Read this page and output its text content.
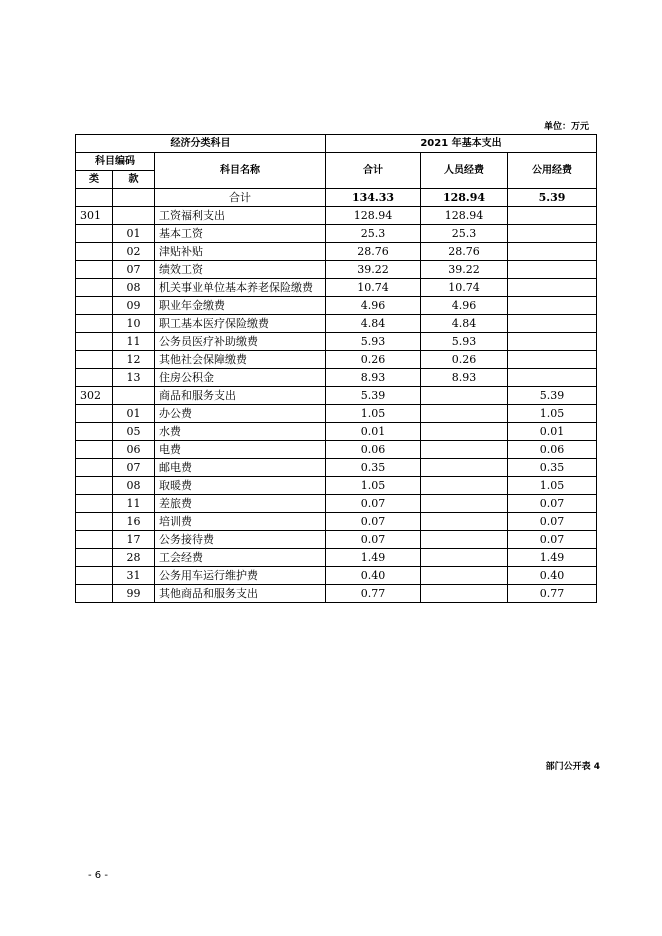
单位：万元
经济分类科目			2021 年基本支出		
科目编码		科目名称	合计	人员经费	公用经费
类	款				
		合计	134.33	128.94	5.39
301		工资福利支出	128.94	128.94	
	01	基本工资	25.3	25.3	
	02	津贴补贴	28.76	28.76	
	07	绩效工资	39.22	39.22	
	08	机关事业单位基本养老保险缴费	10.74	10.74	
	09	职业年金缴费	4.96	4.96	
	10	职工基本医疗保险缴费	4.84	4.84	
	11	公务员医疗补助缴费	5.93	5.93	
	12	其他社会保障缴费	0.26	0.26	
	13	住房公积金	8.93	8.93	
302		商品和服务支出	5.39		5.39
	01	办公费	1.05		1.05
	05	水费	0.01		0.01
	06	电费	0.06		0.06
	07	邮电费	0.35		0.35
	08	取暖费	1.05		1.05
	11	差旅费	0.07		0.07
	16	培训费	0.07		0.07
	17	公务接待费	0.07		0.07
	28	工会经费	1.49		1.49
	31	公务用车运行维护费	0.40		0.40
	99	其他商品和服务支出	0.77		0.77
部门公开表 4
- 6 -
